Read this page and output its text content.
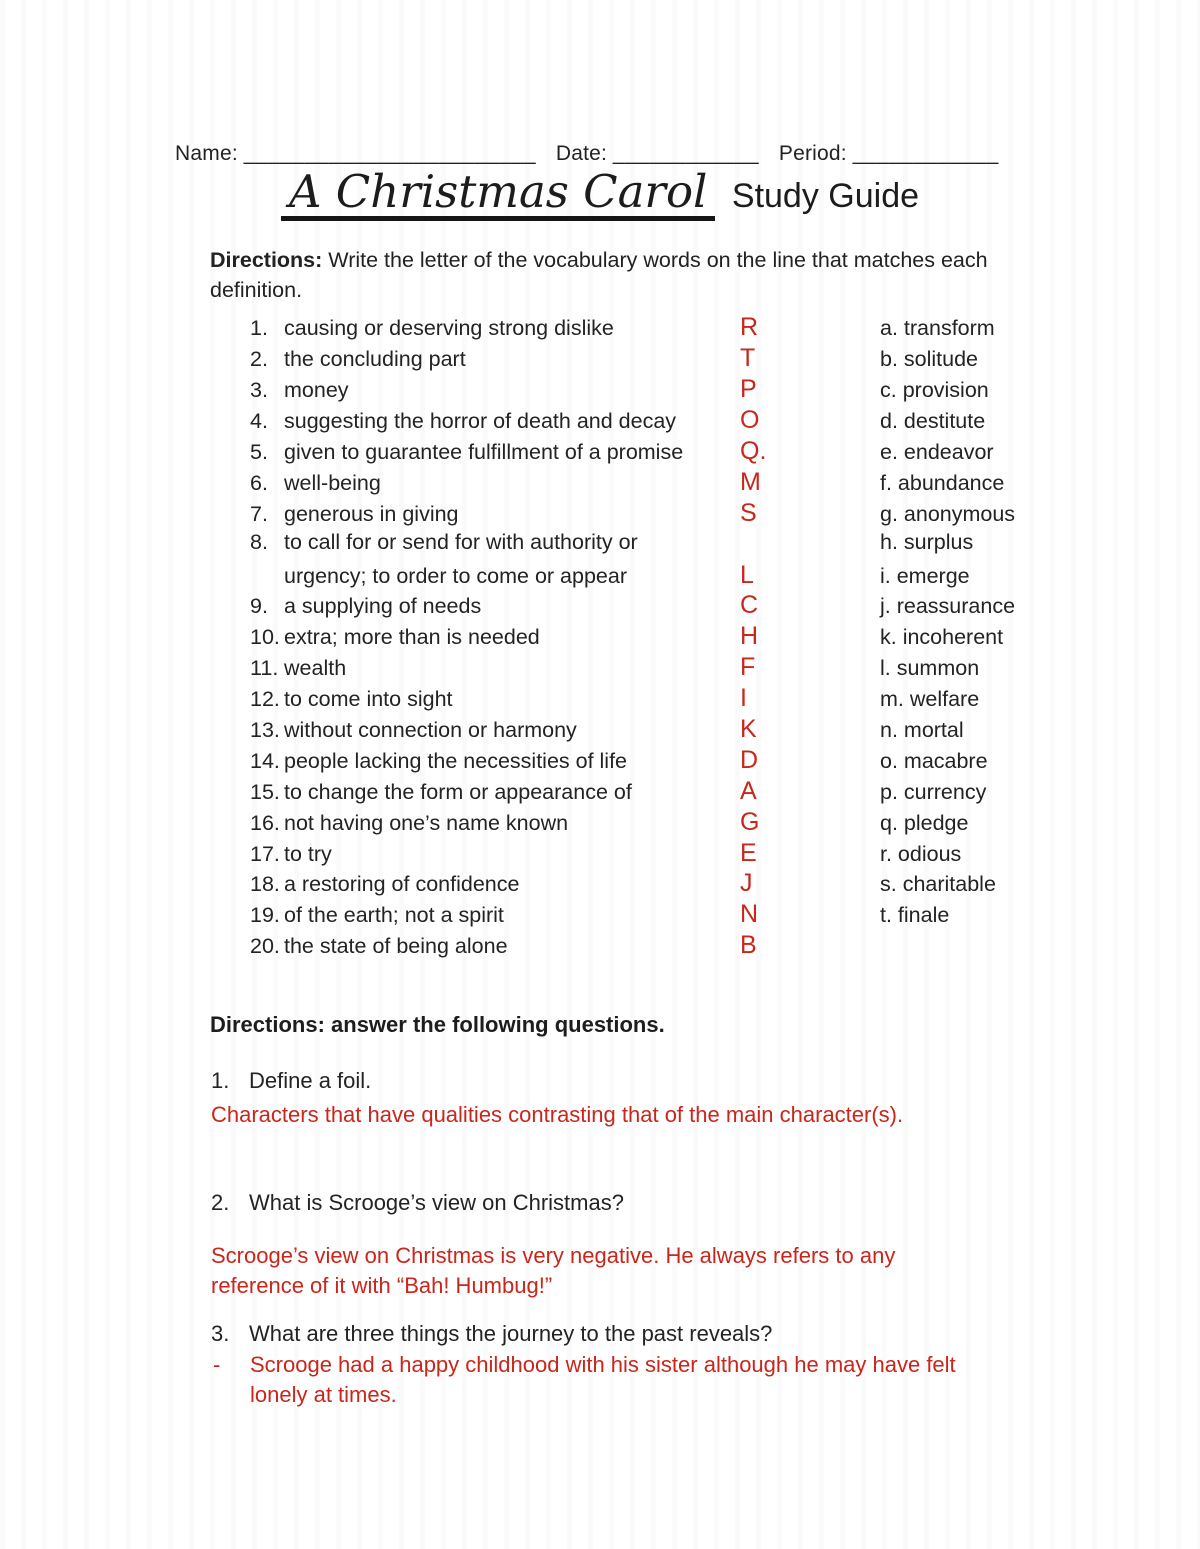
Name: ________________________ Date: ____________ Period: ____________
A Christmas Carol Study Guide
Directions: Write the letter of the vocabulary words on the line that matches each definition.
1. causing or deserving strong dislike	R	a. transform
2. the concluding part	T	b. solitude
3. money	P	c. provision
4. suggesting the horror of death and decay	O	d. destitute
5. given to guarantee fulfillment of a promise	Q.	e. endeavor
6. well-being	M	f. abundance
7. generous in giving	S	g. anonymous
8. to call for or send for with authority or	h. surplus
urgency; to order to come or appear	L	i. emerge
9. a supplying of needs	C	j. reassurance
10. extra; more than is needed	H	k. incoherent
11. wealth	F	l. summon
12. to come into sight	I	m. welfare
13. without connection or harmony	K	n. mortal
14. people lacking the necessities of life	D	o. macabre
15. to change the form or appearance of	A	p. currency
16. not having one’s name known	G	q. pledge
17. to try	E	r. odious
18. a restoring of confidence	J	s. charitable
19. of the earth; not a spirit	N	t. finale
20. the state of being alone	B
Directions: answer the following questions.
1. Define a foil.
Characters that have qualities contrasting that of the main character(s).
2. What is Scrooge’s view on Christmas?
Scrooge’s view on Christmas is very negative. He always refers to any reference of it with “Bah! Humbug!”
3. What are three things the journey to the past reveals?
-	Scrooge had a happy childhood with his sister although he may have felt lonely at times.
